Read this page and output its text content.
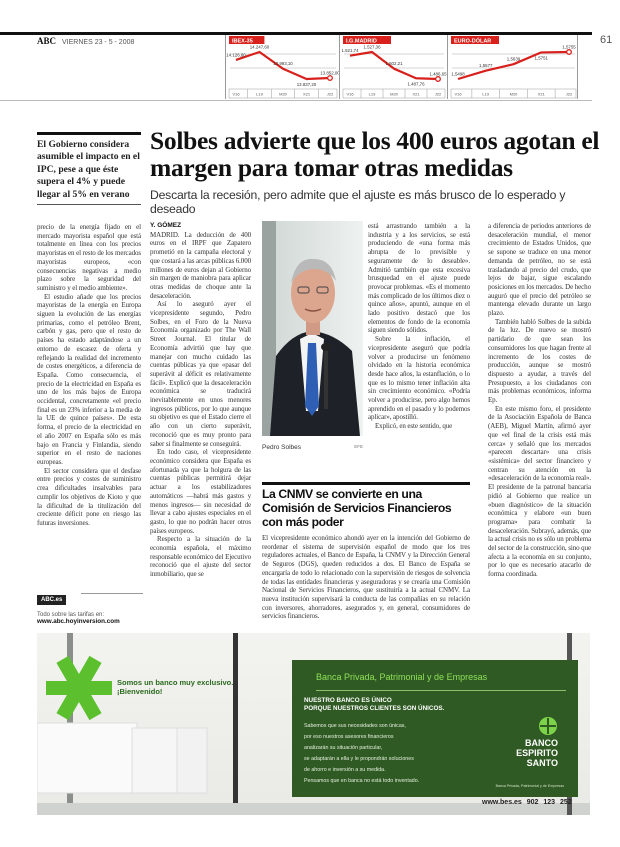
ABC VIERNES 23 - 5 - 2008	61
IBEX-35
14.126,80
14.247,60
13.993,10
13.837,20
13.852,00
V16	L19	M20	X21	J22
I.G.MADRID
1.521,74
1.527,36
1.502,21
1.487,76
1.486,65
V16	L19	M20	X21	J22
EURO-DÓLAR
1,5498
1,5577
1,5639	1,5751
1,5755
V16	L19	M20	X21	J22
El Gobierno considera asumible el impacto en el IPC, pese a que éste supera el 4% y puede llegar al 5% en verano
Solbes advierte que los 400 euros agotan el margen para tomar otras medidas
Descarta la recesión, pero admite que el ajuste es más brusco de lo esperado y deseado

precio de la energía fijado en el mercado mayorista español que está totalmente en línea con los precios mayoristas en el resto de los mercados mayoristas europeos, «con consecuencias negativas a medio plazo sobre la seguridad del suministro y el medio ambiente».

El estudio añade que los precios mayoristas de la energía en Europa siguen la evolución de las energías primarias, como el petróleo Brent, carbón y gas, pero que el resto de países ha estado adaptándose a un entorno de escasez de oferta y reflejando la realidad del incremento de costes energéticos, a diferencia de España. Como consecuencia, el precio de la electricidad en España es uno de los más bajos de Europa occidental, concretamente «el precio final es un 23% inferior a la media de la UE de quince países». De esta forma, el precio de la electricidad en el año 2007 en España sólo es más bajo en Francia y Finlandia, siendo superior en el resto de naciones europeas.

El sector considera que el desfase entre precios y costes de suministro crea dificultades insalvables para cumplir los objetivos de Kioto y que la dificultad de la titulización del creciente déficit pone en riesgo las futuras inversiones.

Y. GÓMEZ

MADRID. La deducción de 400 euros en el IRPF que Zapatero prometió en la campaña electoral y que costará a las arcas públicas 6.000 millones de euros dejan al Gobierno sin margen de maniobra para aplicar otras medidas de choque ante la desaceleración.

Así lo aseguró ayer el vicepresidente segundo, Pedro Solbes, en el Foro de la Nueva Economía organizado por The Wall Street Journal. El titular de Economía advirtió que hay que manejar con mucho cuidado las cuentas públicas ya que «pasar del superávit al déficit es relativamente fácil». Explicó que la desaceleración económica se traducirá inevitablemente en unos menores ingresos públicos, por lo que aunque su objetivo es que el Estado cierre el año con un cierto superávit, reconoció que es muy pronto para saber si finalmente se conseguirá.

En todo caso, el vicepresidente económico considera que España es afortunada ya que la holgura de las cuentas públicas permitirá dejar actuar a los estabilizadores automáticos —habrá más gastos y menos ingresos— sin necesidad de llevar a cabo ajustes especiales en el gasto, lo que no podrán hacer otros países europeos.

Respecto a la situación de la economía española, el máximo responsable económico del Ejecutivo reconoció que el ajuste del sector inmobiliario, que se

Pedro Solbes	EFE

está arrastrando también a la industria y a los servicios, se está produciendo de «una forma más abrupta de lo previsible y seguramente de lo deseable». Admitió también que esta excesiva brusquedad en el ajuste puede provocar problemas. «Es el momento más complicado de los últimos diez o quince años», apuntó, aunque en el lado positivo destacó que los elementos de fondo de la economía siguen siendo sólidos.

Sobre la inflación, el vicepresidente aseguró que podría volver a producirse un fenómeno olvidado en la historia económica desde hace años, la estanflación, o lo que es lo mismo tener inflación alta sin crecimiento económico. «Podría volver a producirse, pero algo hemos aprendido en el pasado y lo podemos aplicar», apostilló.

Explicó, en este sentido, que

a diferencia de periodos anteriores de desaceleración mundial, el menor crecimiento de Estados Unidos, que se supone se traduce en una menor demanda de petróleo, no se está trasladando al precio del crudo, que lejos de bajar, sigue escalando posiciones en los mercados. De hecho auguró que el precio del petróleo se mantenga elevado durante un largo plazo.

También habló Solbes de la subida de la luz. De nuevo se mostró partidario de que sean los consumidores los que hagan frente al incremento de los costes de producción, aunque se mostró dispuesto a ayudar, a través del Presupuesto, a los ciudadanos con más problemas económicos, informa Ep.

En este mismo foro, el presidente de la Asociación Española de Banca (AEB), Miguel Martín, afirmó ayer que «el final de la crisis está más cerca» y señaló que los mercados «parecen descartar» una crisis «sistémica» del sector financiero y centran su atención en la «desaceleración de la economía real». El presidente de la patronal bancaria pidió al Gobierno que realice un «buen diagnóstico» de la situación económica y elabore «un buen programa» para combatir la desaceleración. Subrayó, además, que la actual crisis no es sólo un problema del sector de la construcción, sino que afecta a la economía en su conjunto, por lo que es necesario atacarlo de forma coordinada.

La CNMV se convierte en una Comisión de Servicios Financieros con más poder

El vicepresidente económico ahondó ayer en la intención del Gobierno de reordenar el sistema de supervisión español de modo que los tres reguladores actuales, el Banco de España, la CNMV y la Dirección General de Seguros (DGS), queden reducidos a dos. El Banco de España se encargaría de todo lo relacionado con la supervisión de riesgos de solvencia de todas las entidades financieras y aseguradoras y se crearía una Comisión Nacional de Servicios Financieros, que sustituiría a la actual CNMV. La nueva institución supervisará la conducta de las compañías en su relación con inversores, ahorradores, asegurados y, en general, consumidores de servicios financieros.

ABC.es
Todo sobre las tarifas en:
www.abc.hoyinversion.com
Somos un banco muy exclusivo.
¡Bienvenido!
Banca Privada, Patrimonial y de Empresas
NUESTRO BANCO ES ÚNICO
PORQUE NUESTROS CLIENTES SON ÚNICOS.
Sabemos que sus necesidades son únicas,
por eso nuestros asesores financieros
analizarán su situación particular,
se adaptarán a ella y le propondrán soluciones
de ahorro e inversión a su medida.
Pensamos que en banca no está todo inventado.
BANCO
ESPIRITO
SANTO
Banca Privada, Patrimonial y de Empresas
www.bes.es 902 123 252
